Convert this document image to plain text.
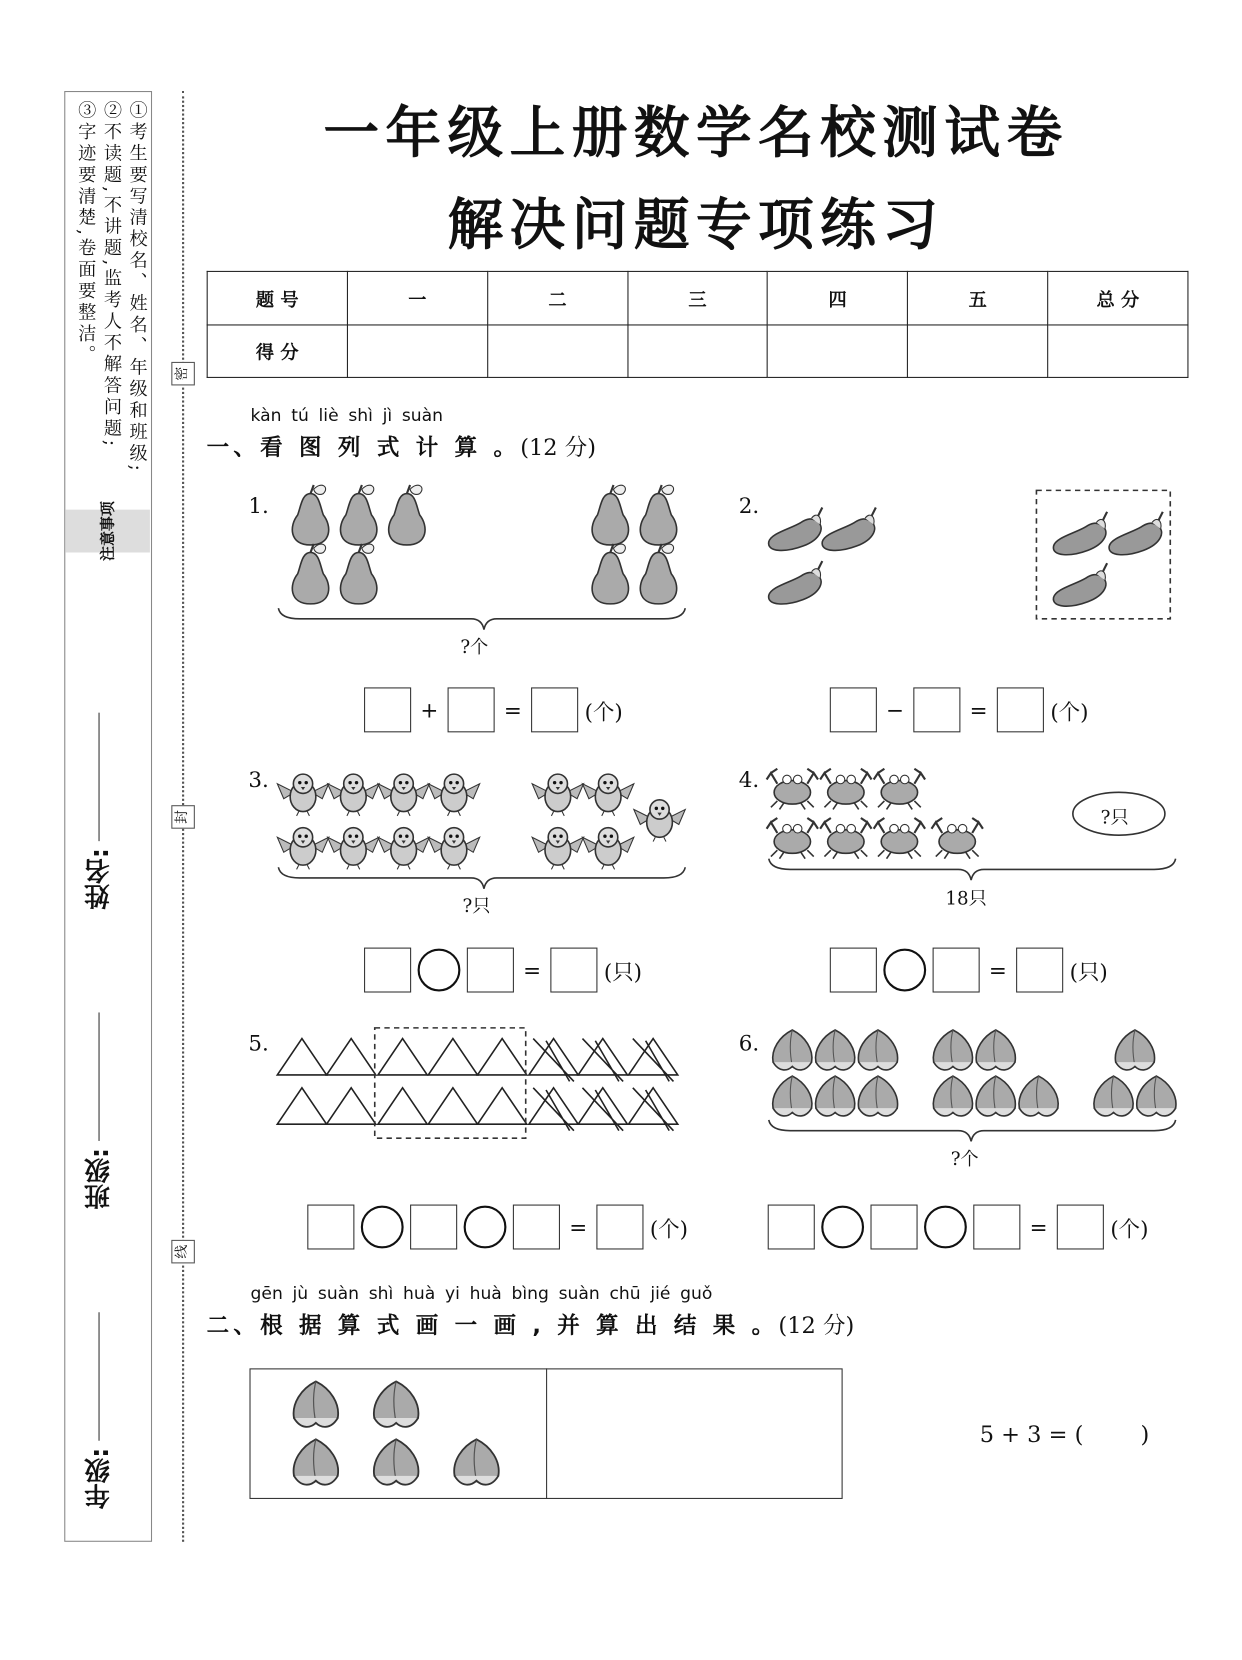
①考生要写清校名、姓名、年级和班级;
②不读题,不讲题,监考人不解答问题;
③字迹要清楚,卷面要整洁。
注意事项
年级:
班级:
姓名:
密
封
线
一年级上册数学名校测试卷
解决问题专项练习
题 号	一	二	三	四	五	总 分
得 分						
kàn tú liè shì jì suàn
一、看 图 列 式 计 算 。(12 分)
1.
?个
+	=	(个)
2.
−	=	(个)
3.
?只
=	(只)
4.
?只
18只
=	(只)
5.
=	(个)
6.
?个
=	(个)
gēn jù suàn shì huà yi huà bìng suàn chū jié guǒ
二、根 据 算 式 画 一 画 , 并 算 出 结 果 。(12 分)
5 + 3 = (        )
